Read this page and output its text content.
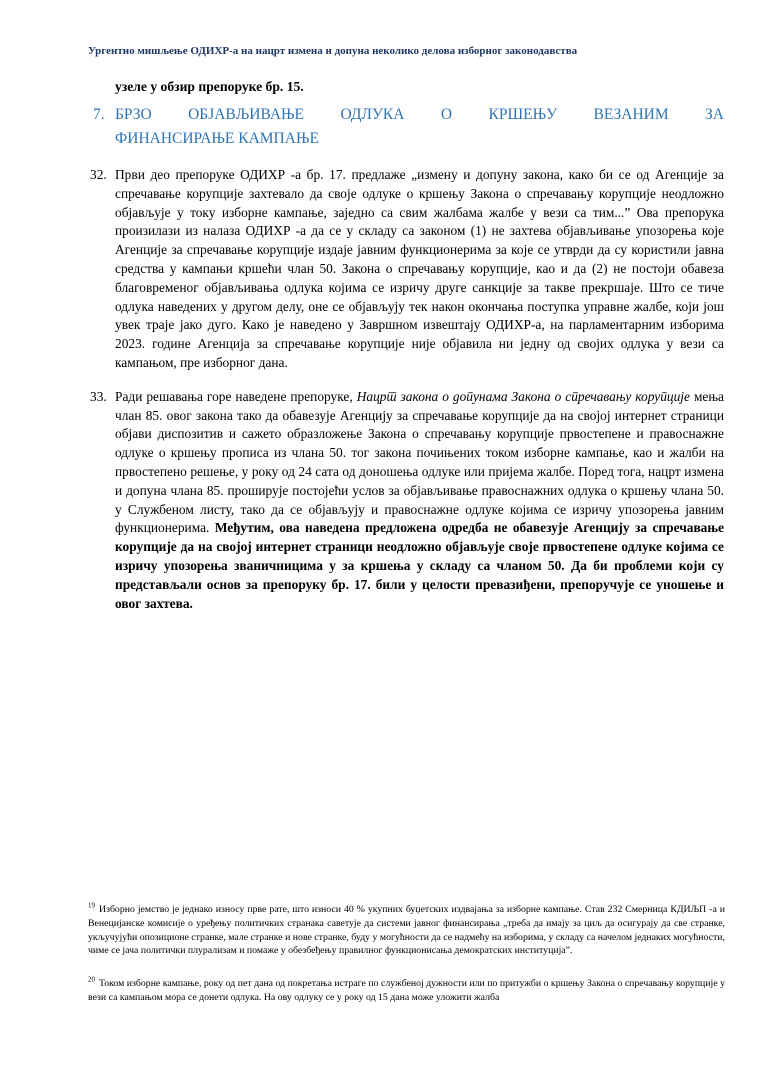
Ургентно мишљење ОДИХР-а на нацрт измена и допуна неколико делова изборног законодавства
узеле у обзир препоруке бр. 15.
7. БРЗО ОБЈАВЉИВАЊЕ ОДЛУКА О КРШЕЊУ ВЕЗАНИМ ЗА
ФИНАНСИРАЊЕ КАМПАЊЕ
32. Први део препоруке ОДИХР -а бр. 17. предлаже „измену и допуну закона, како би се од Агенције за спречавање корупције захтевало да своје одлуке о кршењу Закона о спречавању корупције неодложно објављује у току изборне кампање, заједно са свим жалбама жалбе у вези са тим...” Ова препорука произилази из налаза ОДИХР -а да се у складу са законом (1) не захтева објављивање упозорења које Агенције за спречавање корупције издаје јавним функционерима за које се утврди да су користили јавна средства у кампањи кршећи члан 50. Закона о спречавању корупције, као и да (2) не постоји обавеза благовременог објављивања одлука којима се изричу друге санкције за такве прекршаје. Што се тиче одлука наведених у другом делу, оне се објављују тек након окончања поступка управне жалбе, који још увек траје јако дуго. Како је наведено у Завршном извештају ОДИХР-а, на парламентарним изборима 2023. године Агенција за спречавање корупције није објавила ни једну од својих одлука у вези са кампањом, пре изборног дана.
33. Ради решавања горе наведене препоруке, Нацрт закона о допунама Закона о спречавању корупције мења члан 85. овог закона тако да обавезује Агенцију за спречавање корупције да на својој интернет страници објави диспозитив и сажето образложење Закона о спречавању корупције првостепене и правоснажне одлуке о кршењу прописа из члана 50. тог закона почињених током изборне кампање, као и жалби на првостепено решење, у року од 24 сата од доношења одлуке или пријема жалбе. Поред тога, нацрт измена и допуна члана 85. проширује постојећи услов за објављивање правоснажних одлука о кршењу члана 50. у Службеном листу, тако да се објављују и правоснажне одлуке којима се изричу упозорења јавним функционерима. Међутим, ова наведена предложена одредба не обавезује Агенцију за спречавање корупције да на својој интернет страници неодложно објављује своје првостепене одлуке којима се изричу упозорења званичницима у за кршења у складу са чланом 50. Да би проблеми који су представљали основ за препоруку бр. 17. били у целости превазиђени, препоручује се уношење и овог захтева.
$^{19}$ Изборно јемство је једнако износу прве рате, што износи 40 % укупних буџетских издвајања за изборне кампање. Став 232 Смерница КДИЉП -а и Венецијанске комисије о уређењу политичких странака саветује да системи јавног финансирања „треба да имају за циљ да осигурају да све странке, укључујући опозиционе странке, мале странке и нове странке, буду у могућности да се надмећу на изборима, у складу са начелом једнаких могућности, чиме се јача политички плурализам и помаже у обезбеђењу правилног функционисања демократских институција”.
$^{20}$ Током изборне кампање, року од пет дана од покретања истраге по службеној дужности или по притужби о кршењу Закона о спречавању корупције у вези са кампањом мора се донети одлука. На ову одлуку се у року од 15 дана може уложити жалба
